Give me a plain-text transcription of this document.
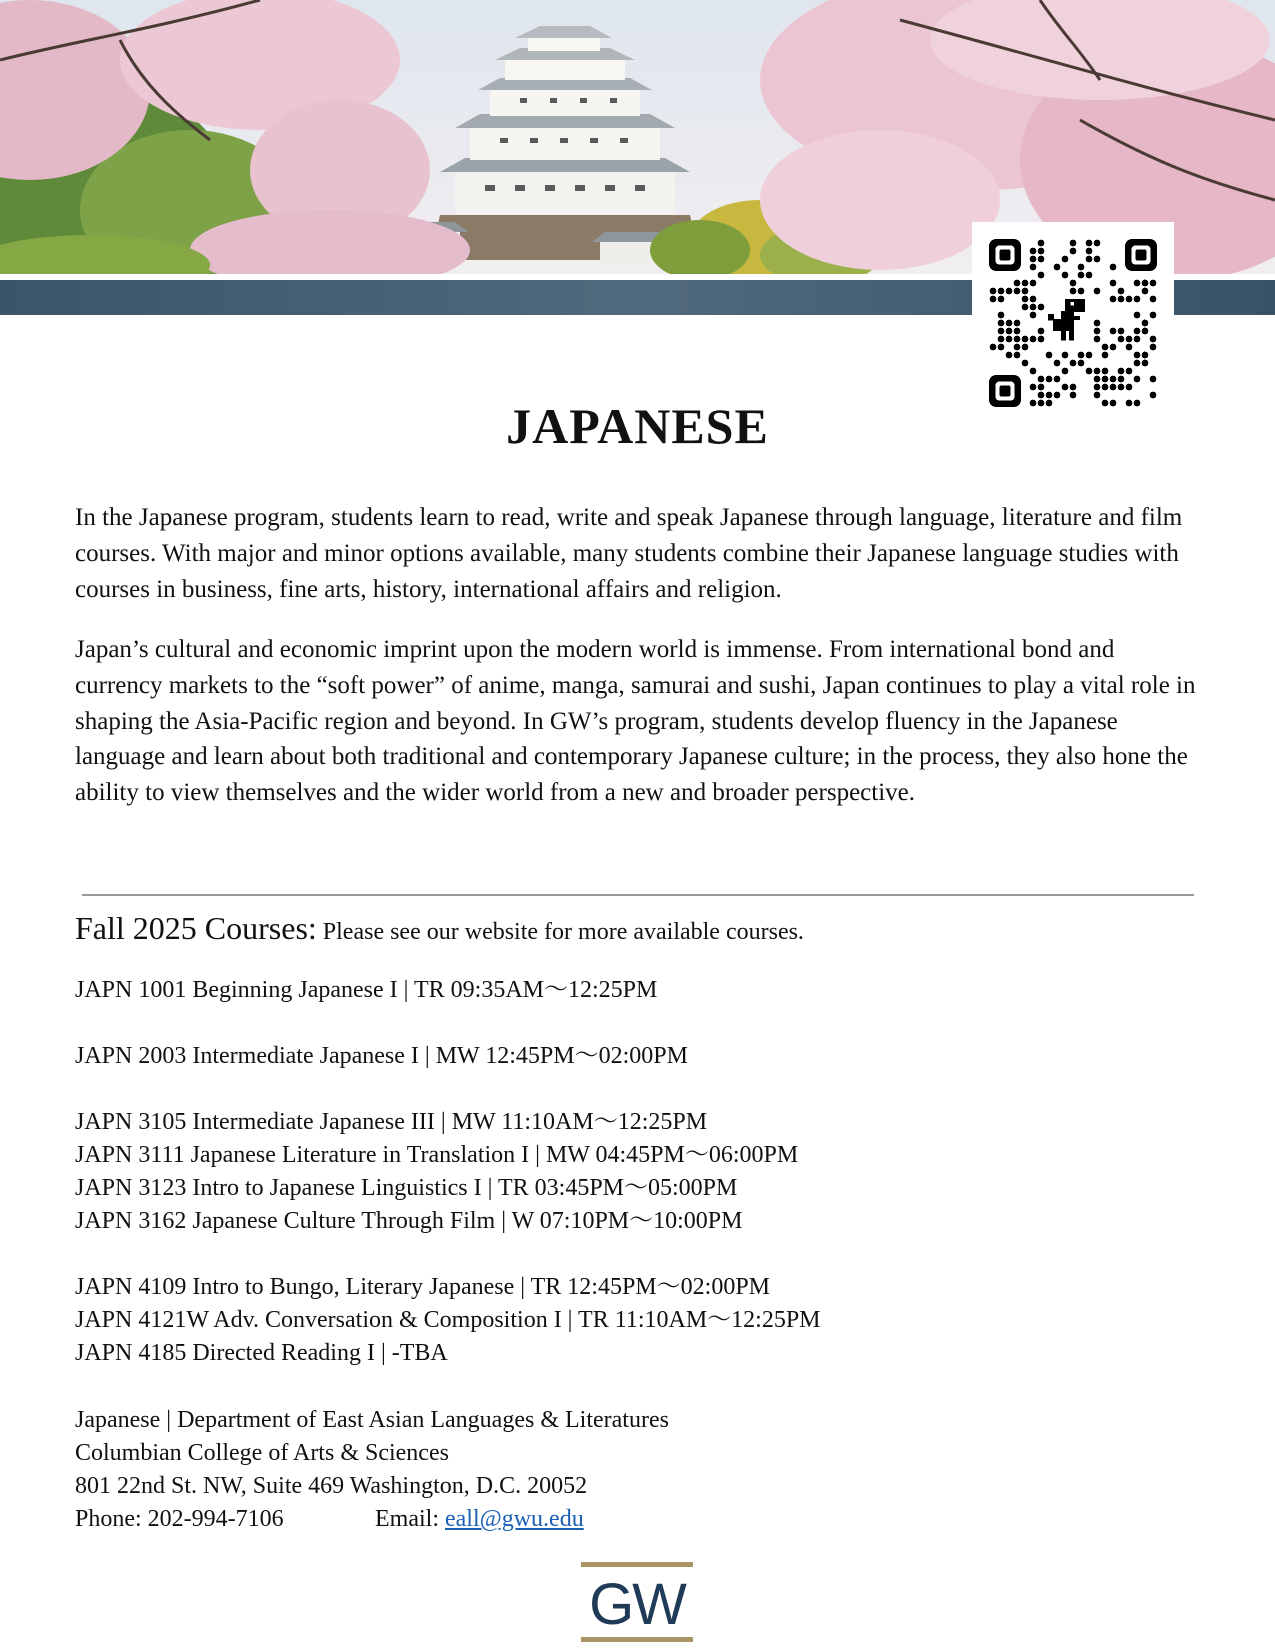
JAPANESE

In the Japanese program, students learn to read, write and speak Japanese through language, literature and film courses. With major and minor options available, many students combine their Japanese language studies with courses in business, fine arts, history, international affairs and religion.

Japan’s cultural and economic imprint upon the modern world is immense. From international bond and currency markets to the “soft power” of anime, manga, samurai and sushi, Japan continues to play a vital role in shaping the Asia-Pacific region and beyond. In GW’s program, students develop fluency in the Japanese language and learn about both traditional and contemporary Japanese culture; in the process, they also hone the ability to view themselves and the wider world from a new and broader perspective.

Fall 2025 Courses: Please see our website for more available courses.
JAPN 1001 Beginning Japanese I | TR 09:35AM～12:25PM
JAPN 2003 Intermediate Japanese I | MW 12:45PM～02:00PM
JAPN 3105 Intermediate Japanese III | MW 11:10AM～12:25PM
JAPN 3111 Japanese Literature in Translation I | MW 04:45PM～06:00PM
JAPN 3123 Intro to Japanese Linguistics I | TR 03:45PM～05:00PM
JAPN 3162 Japanese Culture Through Film | W 07:10PM～10:00PM
JAPN 4109 Intro to Bungo, Literary Japanese | TR 12:45PM～02:00PM
JAPN 4121W Adv. Conversation & Composition I | TR 11:10AM～12:25PM
JAPN 4185 Directed Reading I | -TBA
Japanese | Department of East Asian Languages & Literatures
Columbian College of Arts & Sciences
801 22nd St. NW, Suite 469 Washington, D.C. 20052
Phone: 202-994-7106	Email: eall@gwu.edu
GW
